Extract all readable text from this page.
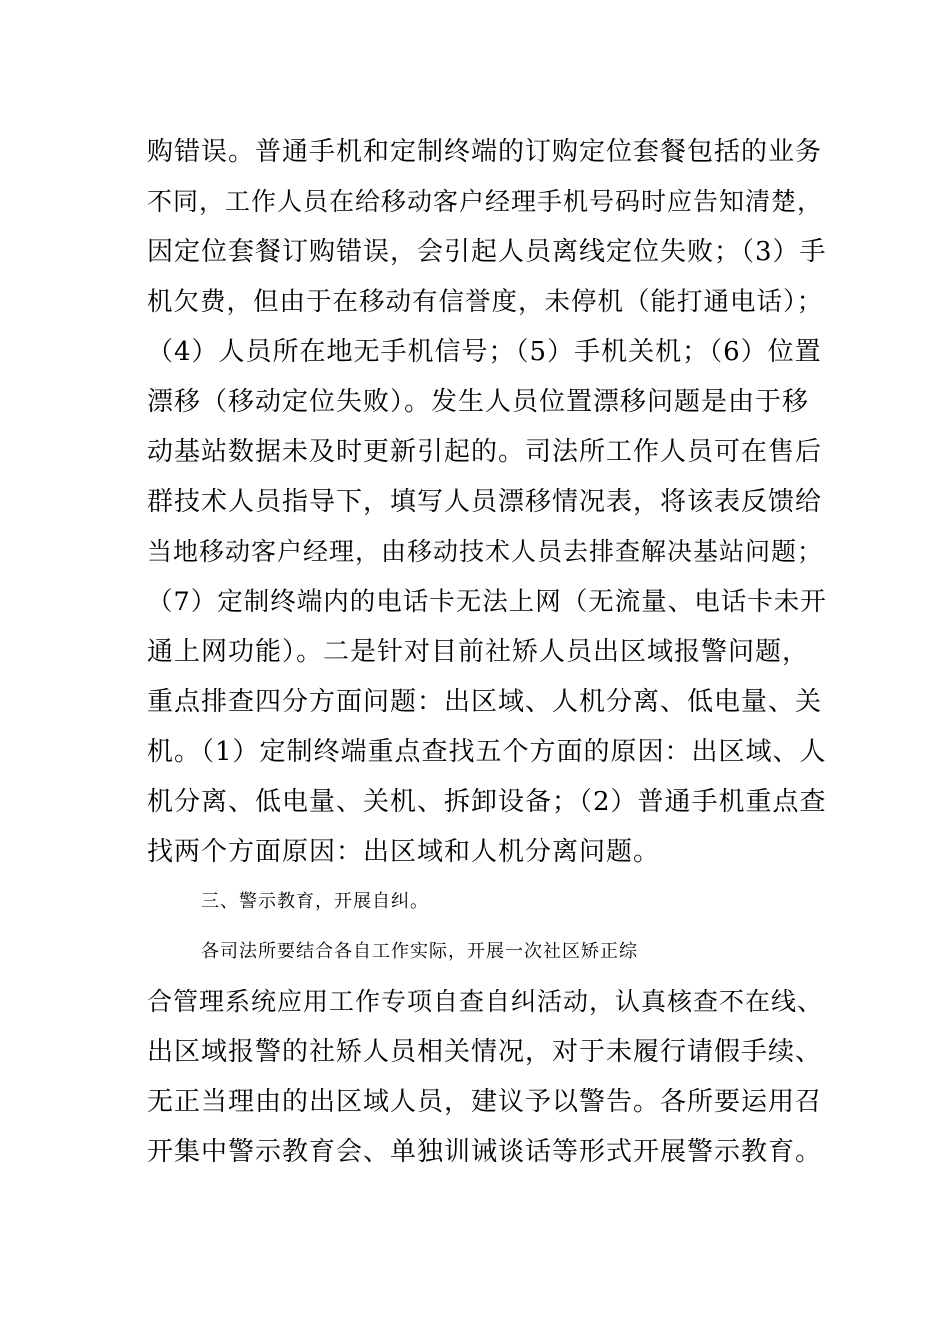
购错误。普通手机和定制终端的订购定位套餐包括的业务
不同，工作人员在给移动客户经理手机号码时应告知清楚，
因定位套餐订购错误，会引起人员离线定位失败；（3）手
机欠费，但由于在移动有信誉度，未停机（能打通电话）；
（4）人员所在地无手机信号；（5）手机关机；（6）位置
漂移（移动定位失败）。发生人员位置漂移问题是由于移
动基站数据未及时更新引起的。司法所工作人员可在售后
群技术人员指导下，填写人员漂移情况表，将该表反馈给
当地移动客户经理，由移动技术人员去排查解决基站问题；
（7）定制终端内的电话卡无法上网（无流量、电话卡未开
通上网功能）。二是针对目前社矫人员出区域报警问题，
重点排查四分方面问题：出区域、人机分离、低电量、关
机。（1）定制终端重点查找五个方面的原因：出区域、人
机分离、低电量、关机、拆卸设备；（2）普通手机重点查
找两个方面原因：出区域和人机分离问题。
三、警示教育，开展自纠。
各司法所要结合各自工作实际，开展一次社区矫正综
合管理系统应用工作专项自查自纠活动，认真核查不在线、
出区域报警的社矫人员相关情况，对于未履行请假手续、
无正当理由的出区域人员，建议予以警告。各所要运用召
开集中警示教育会、单独训诫谈话等形式开展警示教育。
